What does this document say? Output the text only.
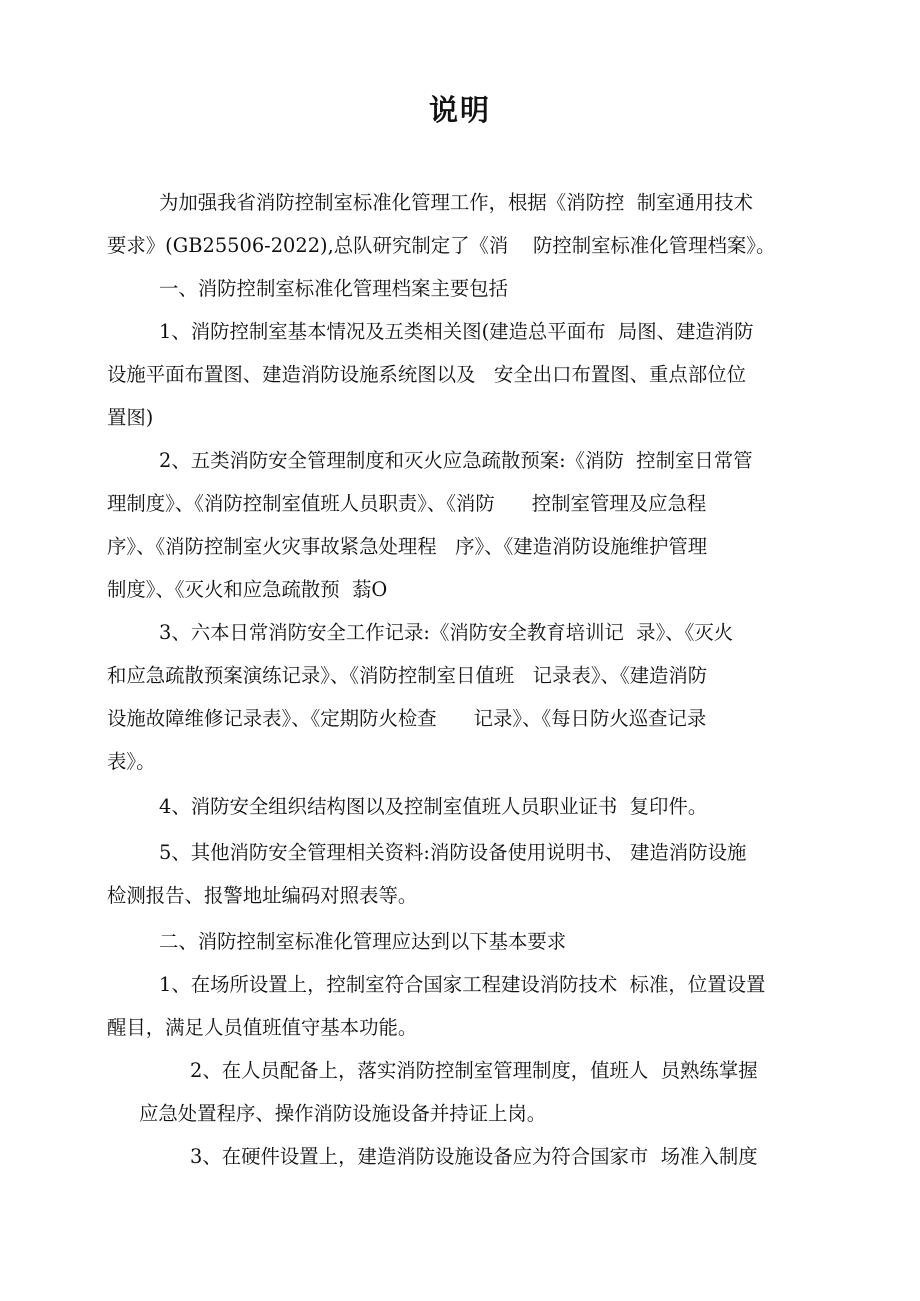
说明

为加强我省消防控制室标准化管理工作，根据《消防控  制室通用技术

要求》(GB25506-2022),总队研究制定了《消    防控制室标准化管理档案》。

一、消防控制室标准化管理档案主要包括

1、消防控制室基本情况及五类相关图(建造总平面布  局图、建造消防

设施平面布置图、建造消防设施系统图以及   安全出口布置图、重点部位位

置图)

2、五类消防安全管理制度和灭火应急疏散预案:《消防  控制室日常管

理制度》、《消防控制室值班人员职责》、《消防      控制室管理及应急程

序》、《消防控制室火灾事故紧急处理程   序》、《建造消防设施维护管理

制度》、《灭火和应急疏散预  蓊O

3、六本日常消防安全工作记录:《消防安全教育培训记  录》、《灭火

和应急疏散预案演练记录》、《消防控制室日值班   记录表》、《建造消防

设施故障维修记录表》、《定期防火检查      记录》、《每日防火巡查记录

表》。

4、消防安全组织结构图以及控制室值班人员职业证书  复印件。

5、其他消防安全管理相关资料:消防设备使用说明书、 建造消防设施

检测报告、报警地址编码对照表等。

二、消防控制室标准化管理应达到以下基本要求

1、在场所设置上，控制室符合国家工程建设消防技术  标准，位置设置

醒目，满足人员值班值守基本功能。

2、在人员配备上，落实消防控制室管理制度，值班人  员熟练掌握

应急处置程序、操作消防设施设备并持证上岗。

3、在硬件设置上，建造消防设施设备应为符合国家市  场准入制度
